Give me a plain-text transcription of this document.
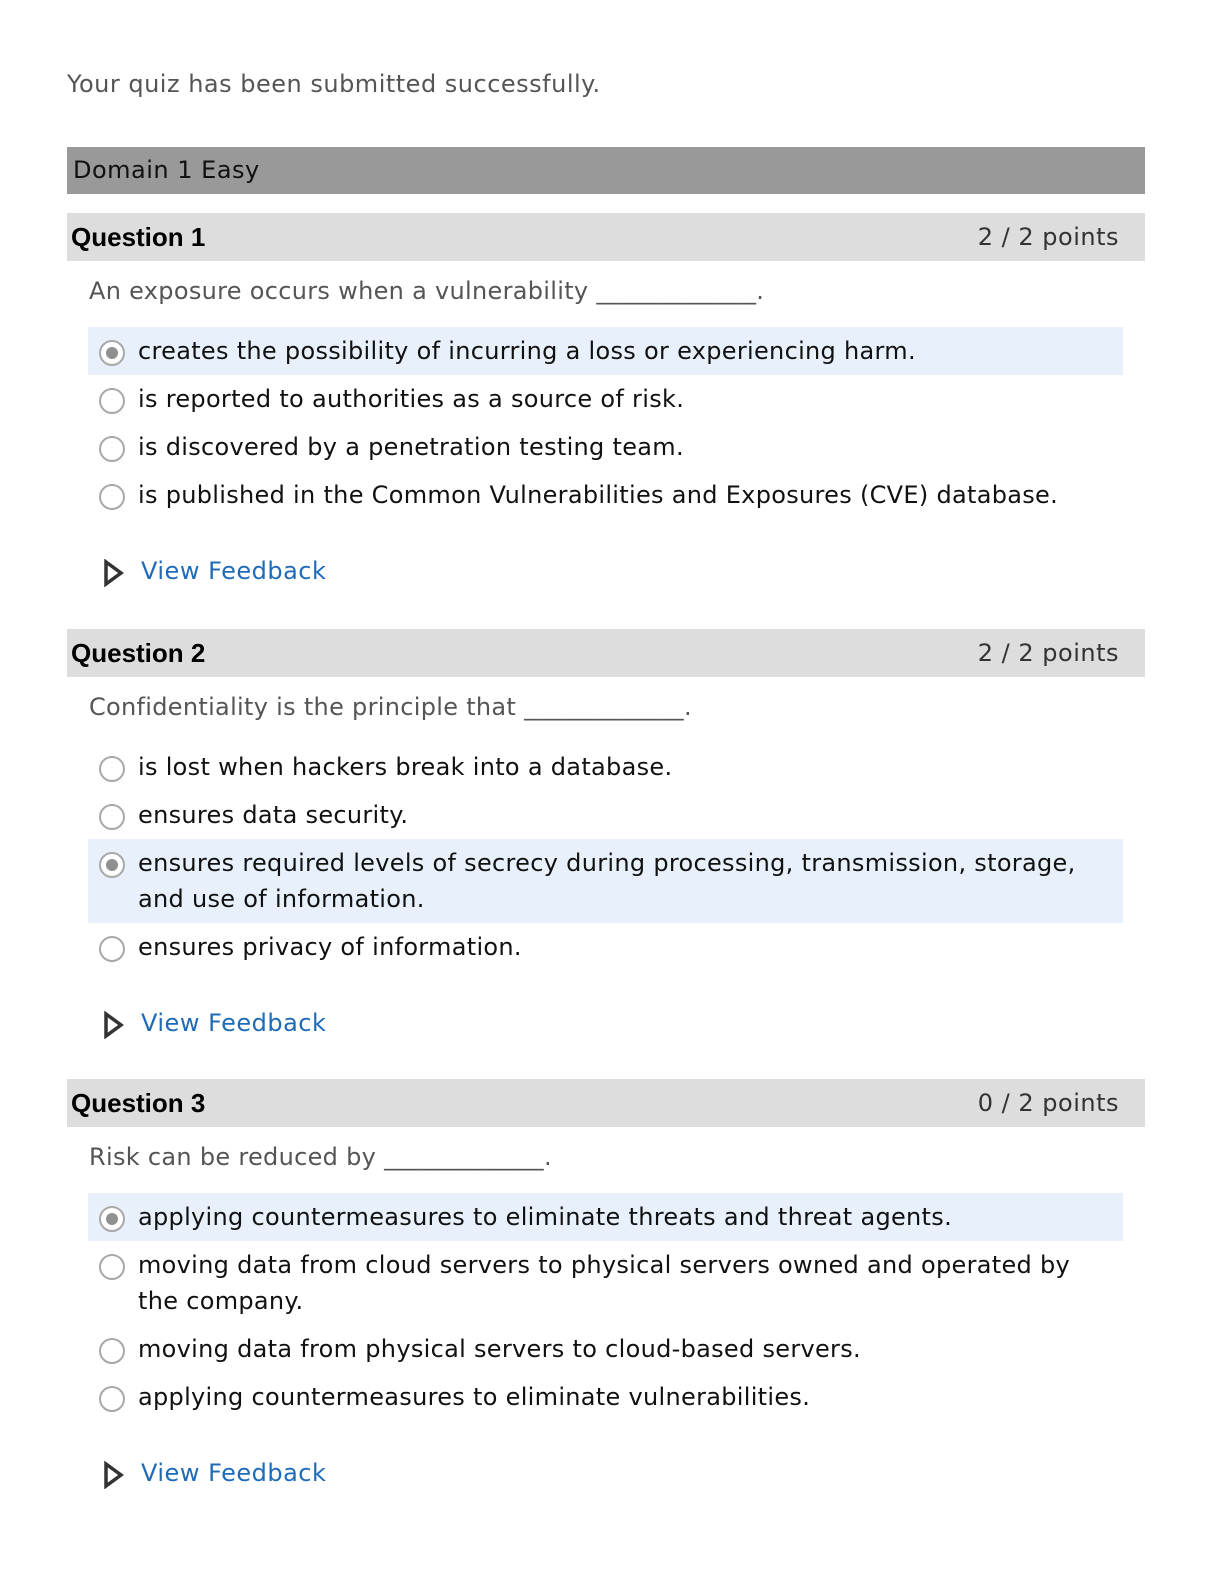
Your quiz has been submitted successfully.
Domain 1 Easy
Question 1	2 / 2 points
An exposure occurs when a vulnerability _____________.
creates the possibility of incurring a loss or experiencing harm.
is reported to authorities as a source of risk.
is discovered by a penetration testing team.
is published in the Common Vulnerabilities and Exposures (CVE) database.
View Feedback
Question 2	2 / 2 points
Confidentiality is the principle that _____________.
is lost when hackers break into a database.
ensures data security.
ensures required levels of secrecy during processing, transmission, storage, and use of information.
ensures privacy of information.
View Feedback
Question 3	0 / 2 points
Risk can be reduced by _____________.
applying countermeasures to eliminate threats and threat agents.
moving data from cloud servers to physical servers owned and operated by the company.
moving data from physical servers to cloud-based servers.
applying countermeasures to eliminate vulnerabilities.
View Feedback
